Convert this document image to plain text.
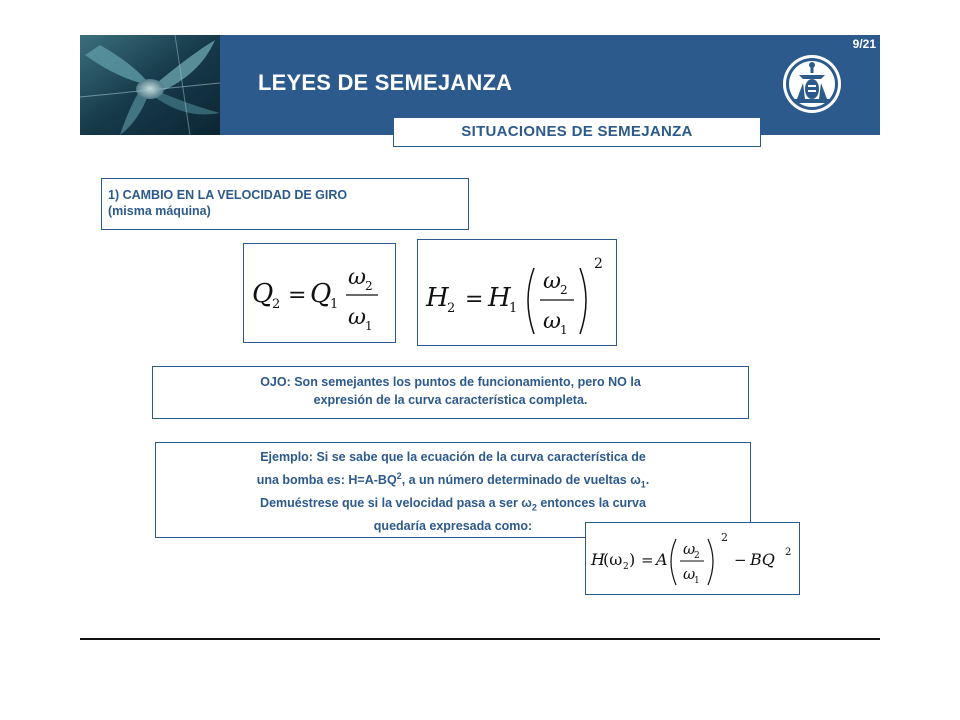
9/21
LEYES DE SEMEJANZA
SITUACIONES DE SEMEJANZA
1) CAMBIO EN LA VELOCIDAD DE GIRO
(misma máquina)
Q
2 = Q
1
ω 2
ω 1
H
2 = H
1
ω 2
ω 1
2
OJO: Son semejantes los puntos de funcionamiento, pero NO la
expresión de la curva característica completa.
Ejemplo: Si se sabe que la ecuación de la curva característica de
una bomba es: $H=A-BQ^2$, a un número determinado de vueltas $\omega_1$.
Demuéstrese que si la velocidad pasa a ser $\omega_2$ entonces la curva
quedaría expresada como:
H
(ω 2 ) = A
ω
2
ω
1
2
− BQ 2
